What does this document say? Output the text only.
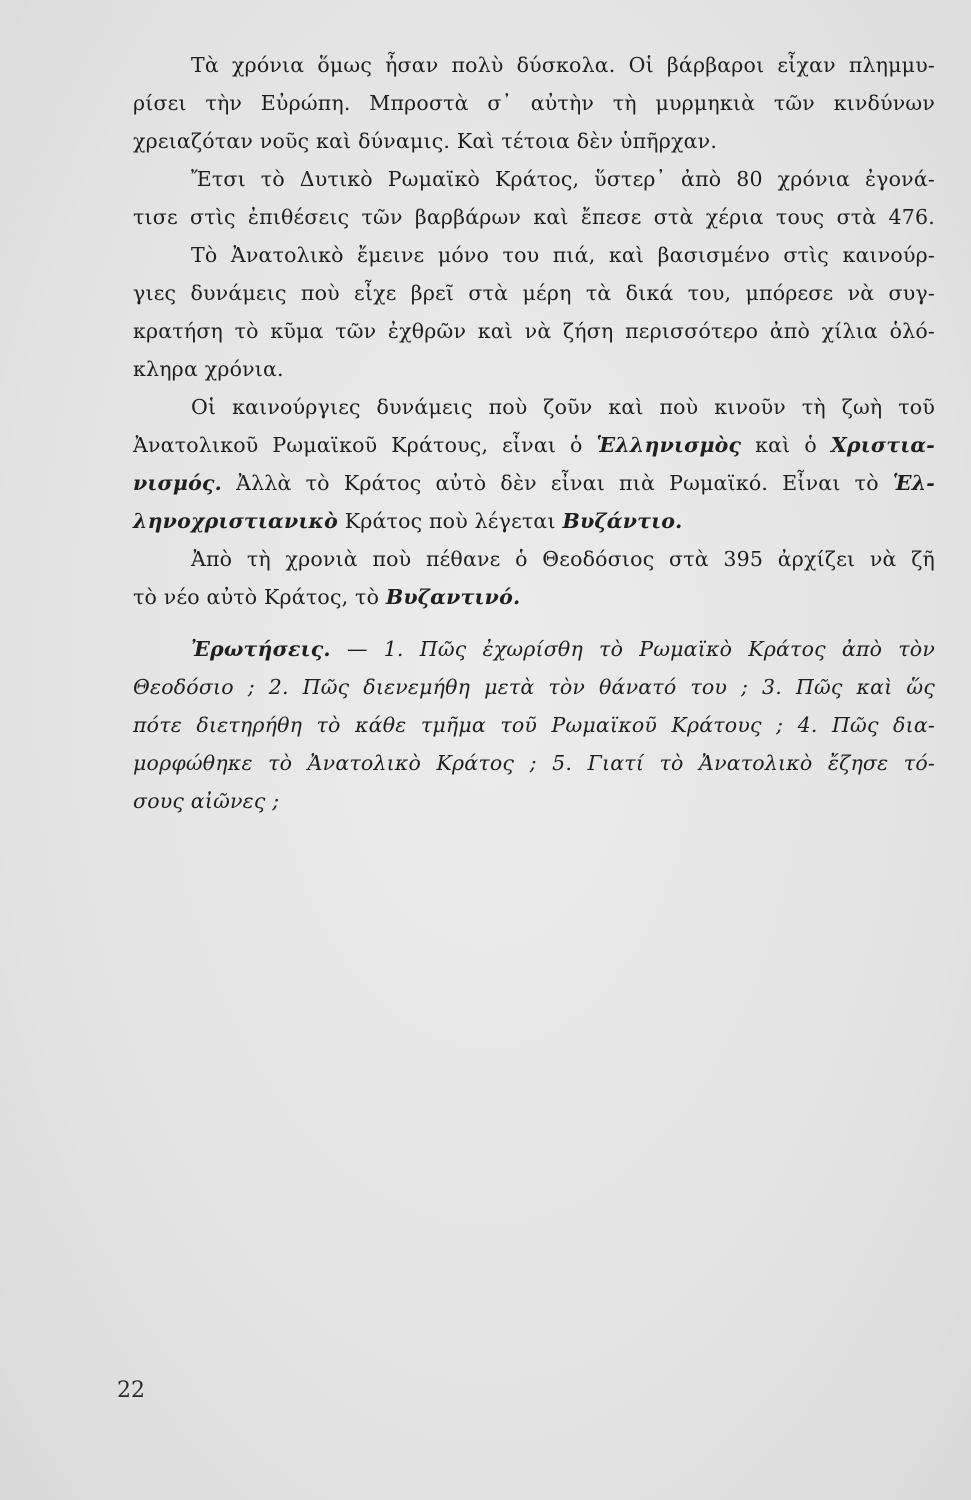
Τὰ χρόνια ὅμως ἦσαν πολὺ δύσκολα. Οἱ βάρβαροι εἶχαν πλημμυ-
ρίσει τὴν Εὐρώπη. Μπροστὰ σ᾽ αὐτὴν τὴ μυρμηκιὰ τῶν κινδύνων
χρειαζόταν νοῦς καὶ δύναμις. Καὶ τέτοια δὲν ὑπῆρχαν.
Ἔτσι τὸ Δυτικὸ Ρωμαϊκὸ Κράτος, ὕστερ᾽ ἀπὸ 80 χρόνια ἐγονά-
τισε στὶς ἐπιθέσεις τῶν βαρβάρων καὶ ἔπεσε στὰ χέρια τους στὰ 476.
Τὸ Ἀνατολικὸ ἔμεινε μόνο του πιά, καὶ βασισμένο στὶς καινούρ-
γιες δυνάμεις ποὺ εἶχε βρεῖ στὰ μέρη τὰ δικά του, μπόρεσε νὰ συγ-
κρατήση τὸ κῦμα τῶν ἐχθρῶν καὶ νὰ ζήση περισσότερο ἀπὸ χίλια ὁλό-
κληρα χρόνια.
Οἱ καινούργιες δυνάμεις ποὺ ζοῦν καὶ ποὺ κινοῦν τὴ ζωὴ τοῦ
Ἀνατολικοῦ Ρωμαϊκοῦ Κράτους, εἶναι ὁ Ἑλληνισμὸς καὶ ὁ Χριστια-
νισμός. Ἀλλὰ τὸ Κράτος αὐτὸ δὲν εἶναι πιὰ Ρωμαϊκό. Εἶναι τὸ Ἑλ-
ληνοχριστιανικὸ Κράτος ποὺ λέγεται Βυζάντιο.
Ἀπὸ τὴ χρονιὰ ποὺ πέθανε ὁ Θεοδόσιος στὰ 395 ἀρχίζει νὰ ζῆ
τὸ νέο αὐτὸ Κράτος, τὸ Βυζαντινό.
Ἐρωτήσεις. — 1. Πῶς ἐχωρίσθη τὸ Ρωμαϊκὸ Κράτος ἀπὸ τὸν
Θεοδόσιο ; 2. Πῶς διενεμήθη μετὰ τὸν θάνατό του ; 3. Πῶς καὶ ὥς
πότε διετηρήθη τὸ κάθε τμῆμα τοῦ Ρωμαϊκοῦ Κράτους ; 4. Πῶς δια-
μορφώθηκε τὸ Ἀνατολικὸ Κράτος ; 5. Γιατί τὸ Ἀνατολικὸ ἔζησε τό-
σους αἰῶνες ;
22
